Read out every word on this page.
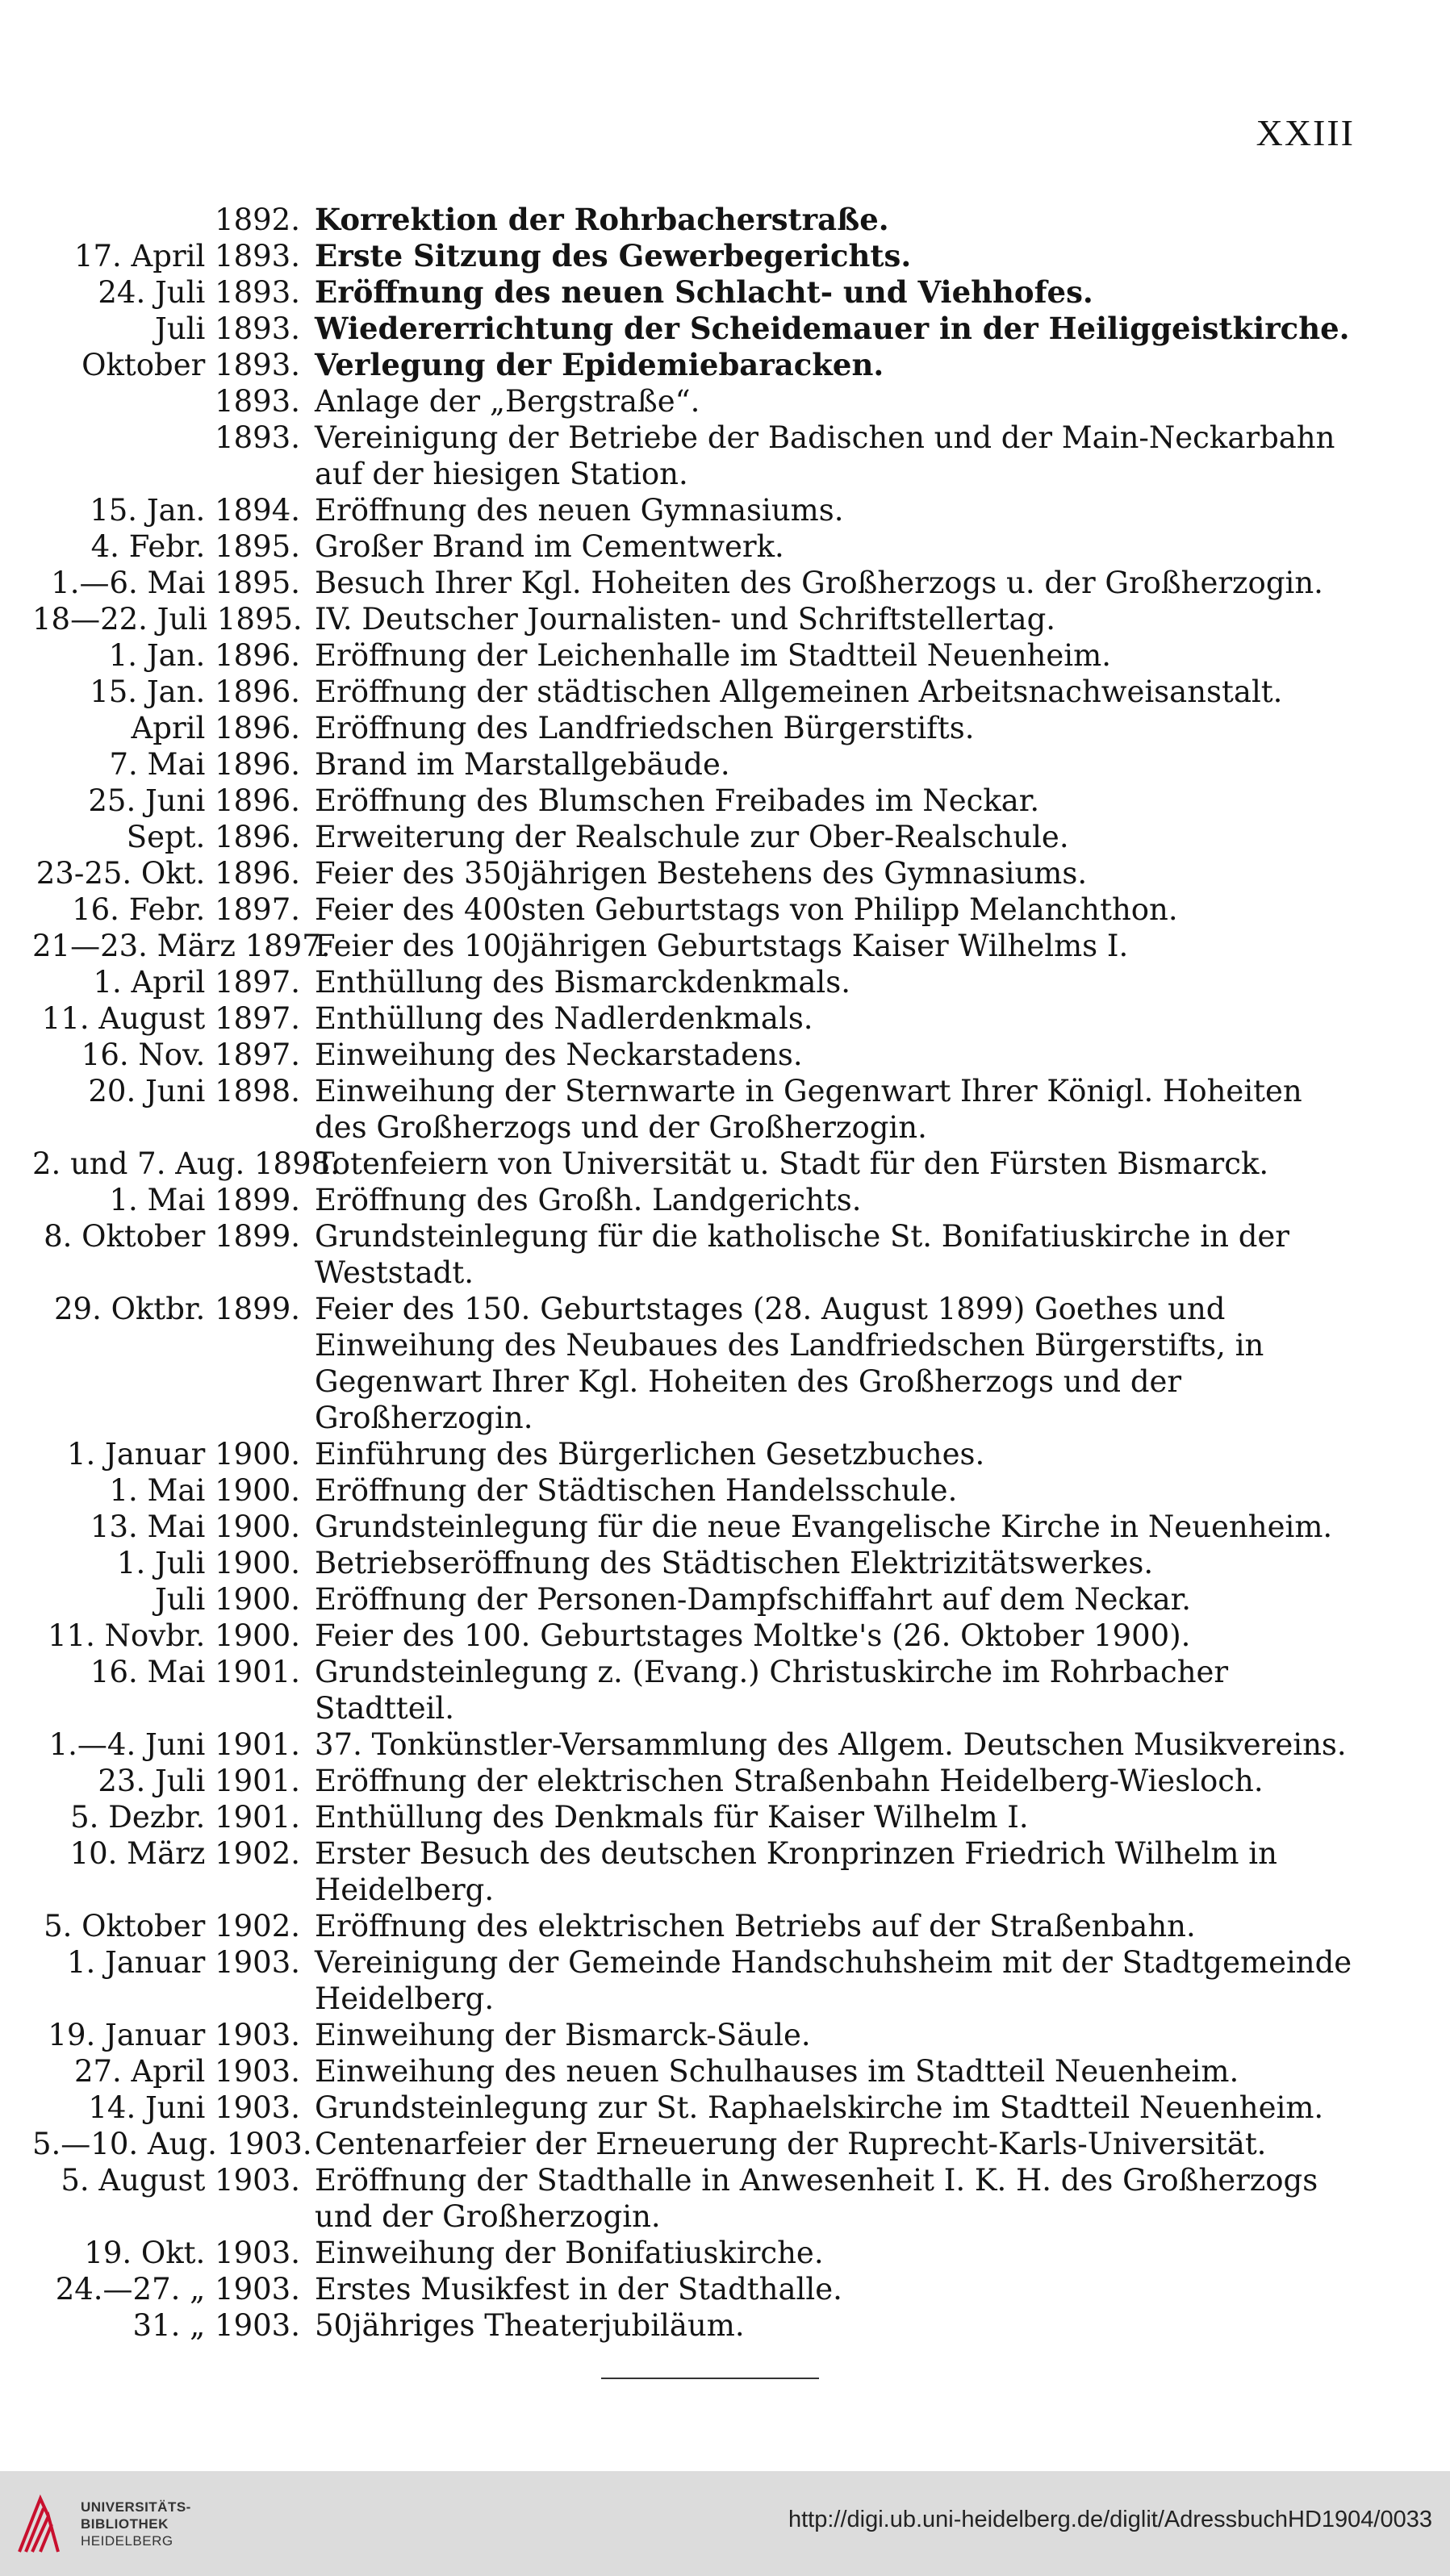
XXIII
1892. Korrektion der Rohrbacherstraße.
17. April 1893. Erste Sitzung des Gewerbegerichts.
24. Juli 1893. Eröffnung des neuen Schlacht- und Viehhofes.
Juli 1893. Wiedererrichtung der Scheidemauer in der Heiliggeistkirche.
Oktober 1893. Verlegung der Epidemiebaracken.
1893. Anlage der „Bergstraße“.
1893. Vereinigung der Betriebe der Badischen und der Main-Neckarbahn auf der hiesigen Station.
15. Jan. 1894. Eröffnung des neuen Gymnasiums.
4. Febr. 1895. Großer Brand im Cementwerk.
1.—6. Mai 1895. Besuch Ihrer Kgl. Hoheiten des Großherzogs u. der Großherzogin.
18—22. Juli 1895. IV. Deutscher Journalisten- und Schriftstellertag.
1. Jan. 1896. Eröffnung der Leichenhalle im Stadtteil Neuenheim.
15. Jan. 1896. Eröffnung der städtischen Allgemeinen Arbeitsnachweisanstalt.
April 1896. Eröffnung des Landfriedschen Bürgerstifts.
7. Mai 1896. Brand im Marstallgebäude.
25. Juni 1896. Eröffnung des Blumschen Freibades im Neckar.
Sept. 1896. Erweiterung der Realschule zur Ober-Realschule.
23-25. Okt. 1896. Feier des 350jährigen Bestehens des Gymnasiums.
16. Febr. 1897. Feier des 400sten Geburtstags von Philipp Melanchthon.
21—23. März 1897.
Feier des 100jährigen Geburtstags Kaiser Wilhelms I.
1. April 1897. Enthüllung des Bismarckdenkmals.
11. August 1897. Enthüllung des Nadlerdenkmals.
16. Nov. 1897. Einweihung des Neckarstadens.
20. Juni 1898. Einweihung der Sternwarte in Gegenwart Ihrer Königl. Hoheiten des Großherzogs und der Großherzogin.
2. und 7. Aug. 1898.
Totenfeiern von Universität u. Stadt für den Fürsten Bismarck.
1. Mai 1899. Eröffnung des Großh. Landgerichts.
8. Oktober 1899. Grundsteinlegung für die katholische St. Bonifatiuskirche in der Weststadt.
29. Oktbr. 1899. Feier des 150. Geburtstages (28. August 1899) Goethes und Einweihung des Neubaues des Landfriedschen Bürgerstifts, in Gegenwart Ihrer Kgl. Hoheiten des Großherzogs und der Großherzogin.
1. Januar 1900. Einführung des Bürgerlichen Gesetzbuches.
1. Mai 1900. Eröffnung der Städtischen Handelsschule.
13. Mai 1900. Grundsteinlegung für die neue Evangelische Kirche in Neuenheim.
1. Juli 1900. Betriebseröffnung des Städtischen Elektrizitätswerkes.
Juli 1900. Eröffnung der Personen-Dampfschiffahrt auf dem Neckar.
11. Novbr. 1900. Feier des 100. Geburtstages Moltke's (26. Oktober 1900).
16. Mai 1901. Grundsteinlegung z. (Evang.) Christuskirche im Rohrbacher Stadtteil.
1.—4. Juni 1901. 37. Tonkünstler-Versammlung des Allgem. Deutschen Musikvereins.
23. Juli 1901. Eröffnung der elektrischen Straßenbahn Heidelberg-Wiesloch.
5. Dezbr. 1901. Enthüllung des Denkmals für Kaiser Wilhelm I.
10. März 1902. Erster Besuch des deutschen Kronprinzen Friedrich Wilhelm in Heidelberg.
5. Oktober 1902. Eröffnung des elektrischen Betriebs auf der Straßenbahn.
1. Januar 1903. Vereinigung der Gemeinde Handschuhsheim mit der Stadtgemeinde Heidelberg.
19. Januar 1903. Einweihung der Bismarck-Säule.
27. April 1903. Einweihung des neuen Schulhauses im Stadtteil Neuenheim.
14. Juni 1903. Grundsteinlegung zur St. Raphaelskirche im Stadtteil Neuenheim.
5.—10. Aug. 1903. Centenarfeier der Erneuerung der Ruprecht-Karls-Universität.
5. August 1903. Eröffnung der Stadthalle in Anwesenheit I. K. H. des Großherzogs und der Großherzogin.
19. Okt. 1903. Einweihung der Bonifatiuskirche.
24.—27. „ 1903. Erstes Musikfest in der Stadthalle.
31. „ 1903. 50jähriges Theaterjubiläum.
UNIVERSITÄTS-
BIBLIOTHEK
HEIDELBERG
http://digi.ub.uni-heidelberg.de/diglit/AdressbuchHD1904/0033
